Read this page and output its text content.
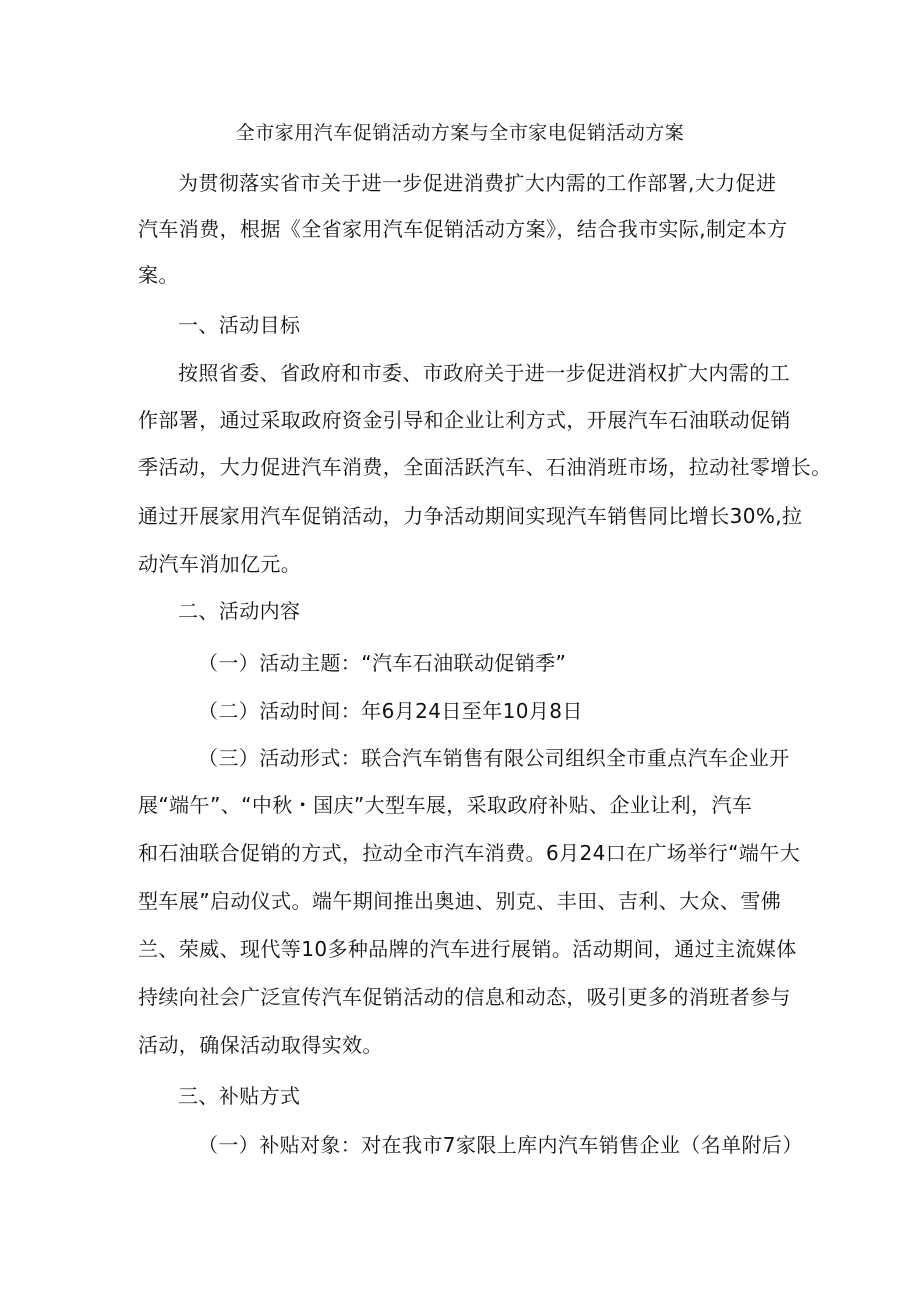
全市家用汽车促销活动方案与全市家电促销活动方案
为贯彻落实省市关于进一步促进消费扩大内需的工作部署,大力促进
汽车消费，根据《全省家用汽车促销活动方案》，结合我市实际,制定本方
案。
一、活动目标
按照省委、省政府和市委、市政府关于进一步促进消权扩大内需的工
作部署，通过采取政府资金引导和企业让利方式，开展汽车石油联动促销
季活动，大力促进汽车消费，全面活跃汽车、石油消班市场，拉动社零增长。
通过开展家用汽车促销活动，力争活动期间实现汽车销售同比增长30%,拉
动汽车消加亿元。
二、活动内容
（一）活动主题：“汽车石油联动促销季”
（二）活动时间：年6月24日至年10月8日
（三）活动形式：联合汽车销售有限公司组织全市重点汽车企业开
展“端午”、“中秋・国庆”大型车展，采取政府补贴、企业让利，汽车
和石油联合促销的方式，拉动全市汽车消费。6月24口在广场举行“端午大
型车展”启动仪式。端午期间推出奥迪、别克、丰田、吉利、大众、雪佛
兰、荣威、现代等10多种品牌的汽车进行展销。活动期间，通过主流媒体
持续向社会广泛宣传汽车促销活动的信息和动态，吸引更多的消班者参与
活动，确保活动取得实效。
三、补贴方式
（一）补贴对象：对在我市7家限上库内汽车销售企业（名单附后）
